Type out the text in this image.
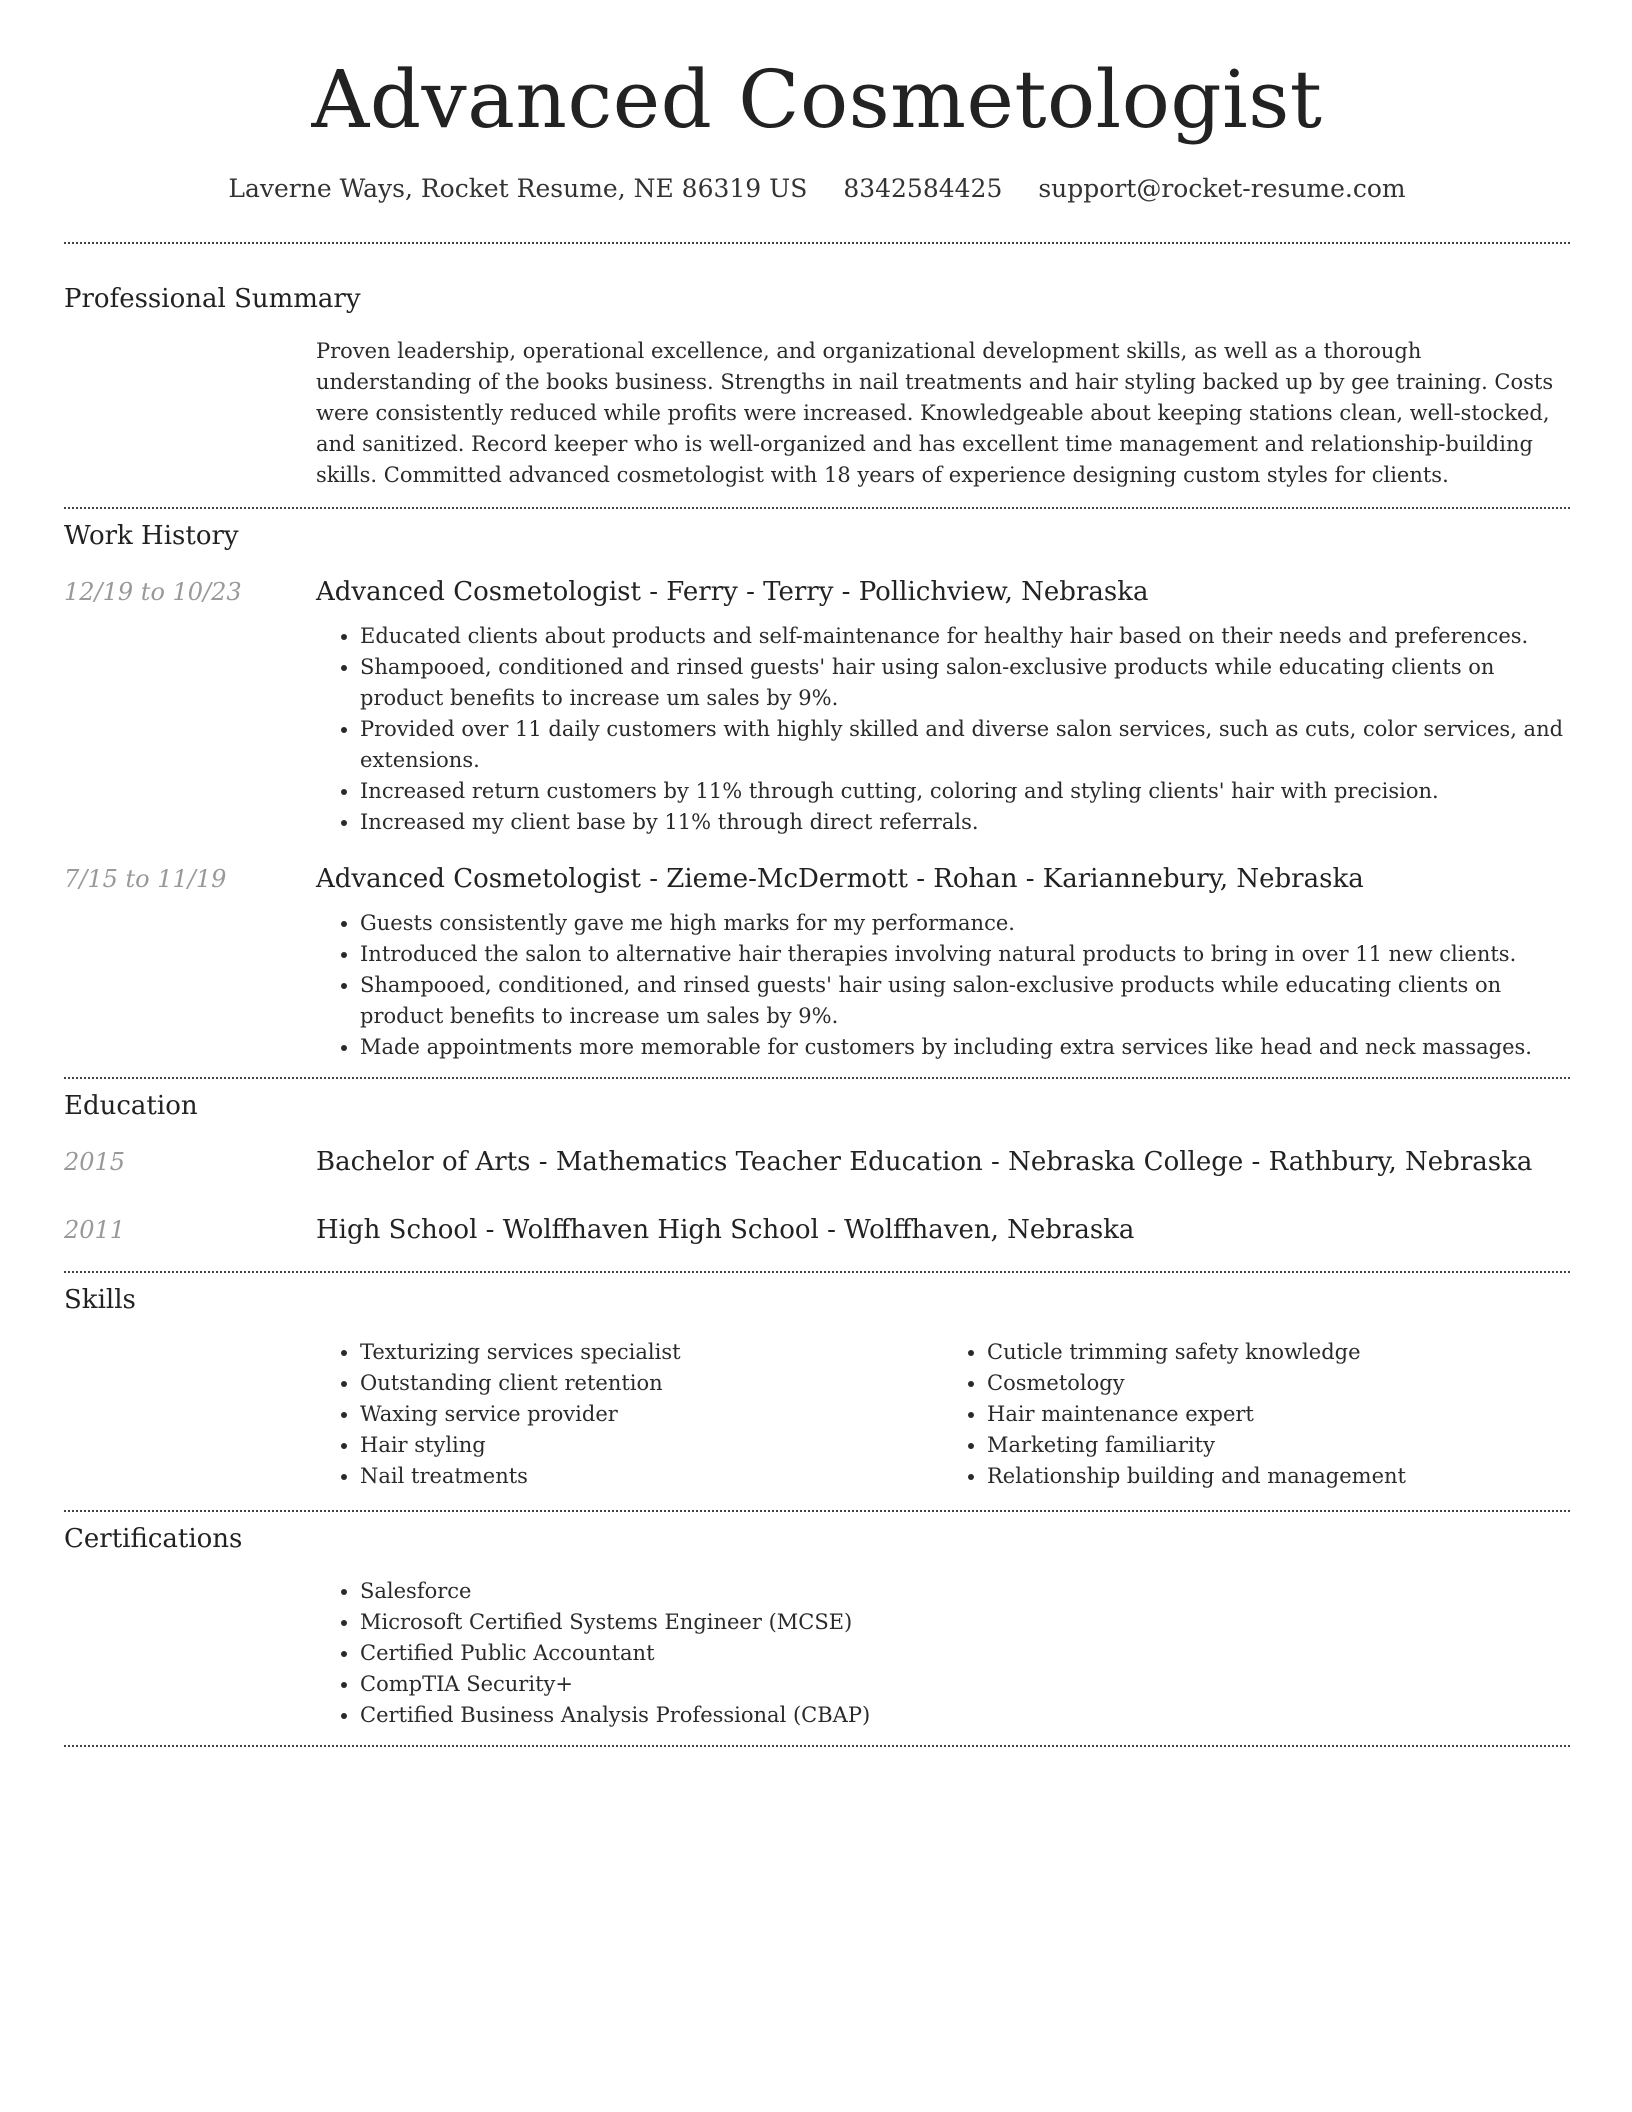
Advanced Cosmetologist
Laverne Ways, Rocket Resume, NE 86319 US 8342584425 support@rocket-resume.com
Professional Summary

Proven leadership, operational excellence, and organizational development skills, as well as a thorough understanding of the books business. Strengths in nail treatments and hair styling backed up by gee training. Costs were consistently reduced while profits were increased. Knowledgeable about keeping stations clean, well-stocked, and sanitized. Record keeper who is well-organized and has excellent time management and relationship-building skills. Committed advanced cosmetologist with 18 years of experience designing custom styles for clients.

Work History
12/19 to 10/23	Advanced Cosmetologist - Ferry - Terry - Pollichview, Nebraska
• Educated clients about products and self-maintenance for healthy hair based on their needs and preferences.
• Shampooed, conditioned and rinsed guests' hair using salon-exclusive products while educating clients on product benefits to increase um sales by 9%.
• Provided over 11 daily customers with highly skilled and diverse salon services, such as cuts, color services, and extensions.
• Increased return customers by 11% through cutting, coloring and styling clients' hair with precision.
• Increased my client base by 11% through direct referrals.
7/15 to 11/19	Advanced Cosmetologist - Zieme-McDermott - Rohan - Kariannebury, Nebraska
• Guests consistently gave me high marks for my performance.
• Introduced the salon to alternative hair therapies involving natural products to bring in over 11 new clients.
• Shampooed, conditioned, and rinsed guests' hair using salon-exclusive products while educating clients on product benefits to increase um sales by 9%.
• Made appointments more memorable for customers by including extra services like head and neck massages.
Education
2015	Bachelor of Arts - Mathematics Teacher Education - Nebraska College - Rathbury, Nebraska
2011	High School - Wolffhaven High School - Wolffhaven, Nebraska
Skills
• Texturizing services specialist
• Outstanding client retention
• Waxing service provider
• Hair styling
• Nail treatments
• Cuticle trimming safety knowledge
• Cosmetology
• Hair maintenance expert
• Marketing familiarity
• Relationship building and management
Certifications
• Salesforce
• Microsoft Certified Systems Engineer (MCSE)
• Certified Public Accountant
• CompTIA Security+
• Certified Business Analysis Professional (CBAP)
